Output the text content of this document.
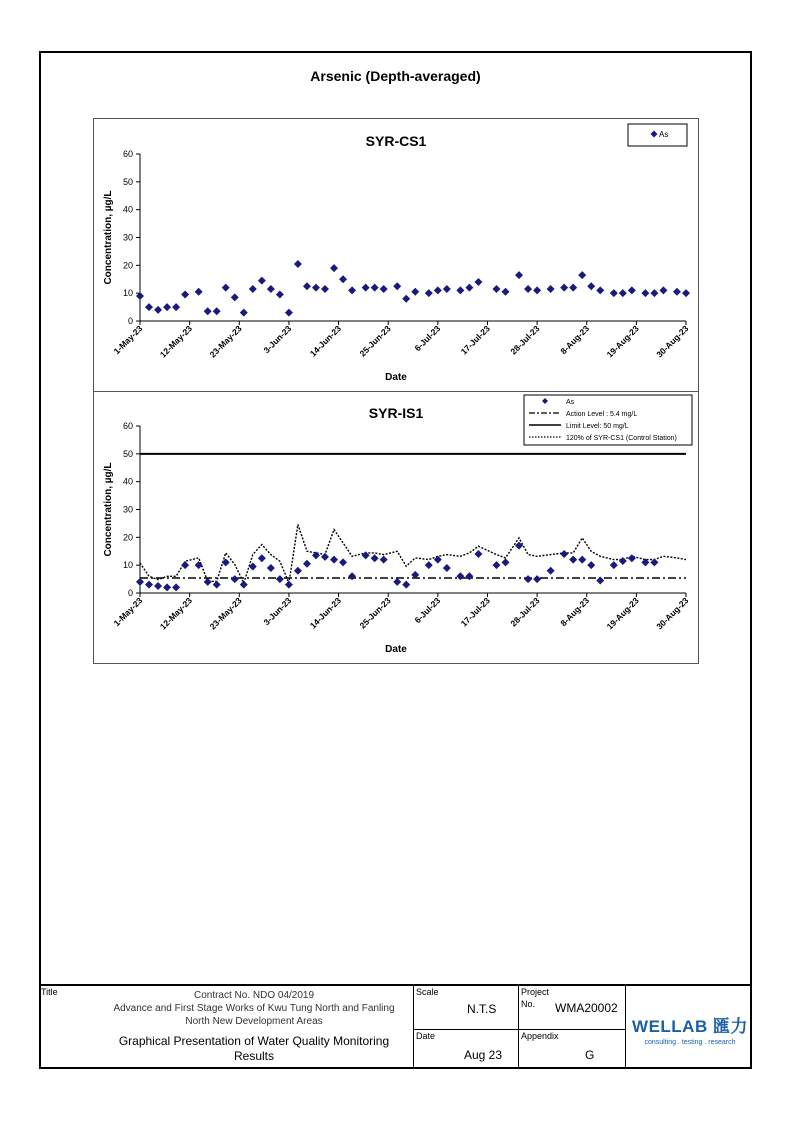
Arsenic (Depth-averaged)
SYR-CS1
0
10
20
30
40
50
60
1-May-23 12-May-23 23-May-23 3-Jun-23 14-Jun-23 25-Jun-23 6-Jul-23 17-Jul-23 28-Jul-23 8-Aug-23 19-Aug-23 30-Aug-23
Date
Concentration, µg/L
As
SYR-IS1
0
10
20
30
40
50
60
1-May-23 12-May-23 23-May-23 3-Jun-23 14-Jun-23 25-Jun-23 6-Jul-23 17-Jul-23 28-Jul-23 8-Aug-23 19-Aug-23 30-Aug-23
Date
Concentration, µg/L
As
Action Level : 5.4 mg/L
Limit Level: 50 mg/L
120% of SYR-CS1 (Control Station)
Title	Contract No. NDO 04/2019
Advance and First Stage Works of Kwu Tung North and Fanling
North New Development Areas
Graphical Presentation of Water Quality Monitoring Results
Scale
N.T.S
Project
No. WMA20002
Date
Aug 23
Appendix
G
WELLAB 匯力
consulting . testing . research
